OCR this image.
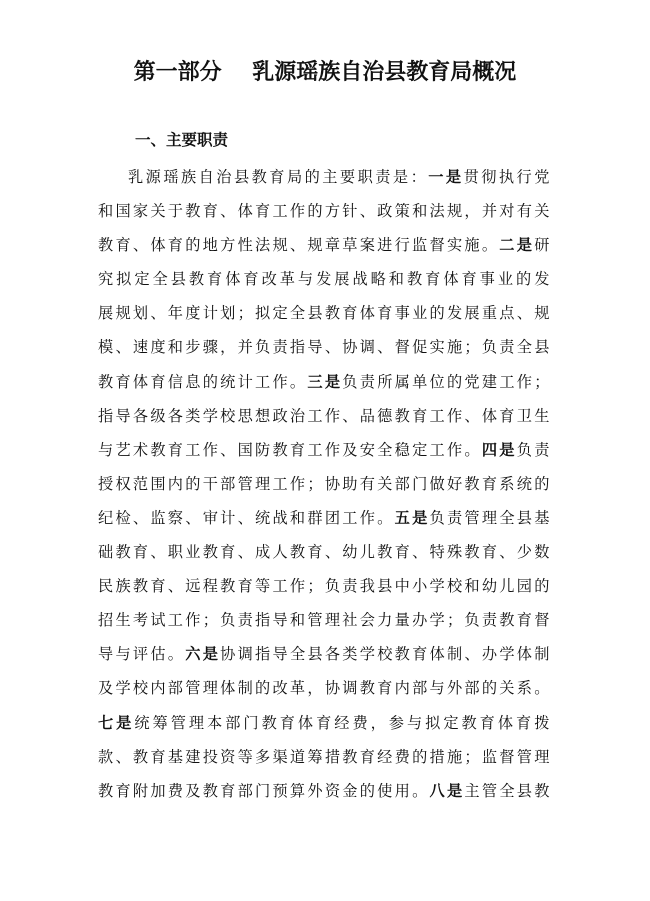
第一部分    乳源瑶族自治县教育局概况
一、主要职责
乳源瑶族自治县教育局的主要职责是：一是贯彻执行党
和国家关于教育、体育工作的方针、政策和法规，并对有关
教育、体育的地方性法规、规章草案进行监督实施。二是研
究拟定全县教育体育改革与发展战略和教育体育事业的发
展规划、年度计划；拟定全县教育体育事业的发展重点、规
模、速度和步骤，并负责指导、协调、督促实施；负责全县
教育体育信息的统计工作。三是负责所属单位的党建工作；
指导各级各类学校思想政治工作、品德教育工作、体育卫生
与艺术教育工作、国防教育工作及安全稳定工作。四是负责
授权范围内的干部管理工作；协助有关部门做好教育系统的
纪检、监察、审计、统战和群团工作。五是负责管理全县基
础教育、职业教育、成人教育、幼儿教育、特殊教育、少数
民族教育、远程教育等工作；负责我县中小学校和幼儿园的
招生考试工作；负责指导和管理社会力量办学；负责教育督
导与评估。六是协调指导全县各类学校教育体制、办学体制
及学校内部管理体制的改革，协调教育内部与外部的关系。
七是统筹管理本部门教育体育经费，参与拟定教育体育拨
款、教育基建投资等多渠道筹措教育经费的措施；监督管理
教育附加费及教育部门预算外资金的使用。八是主管全县教
